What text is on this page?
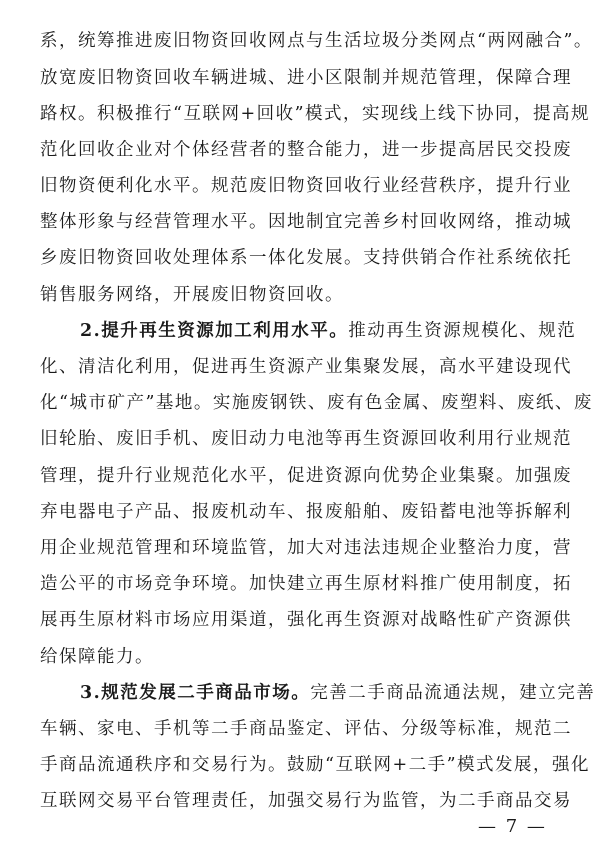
系，统筹推进废旧物资回收网点与生活垃圾分类网点“两网融合”。
放宽废旧物资回收车辆进城、进小区限制并规范管理，保障合理
路权。积极推行“互联网+回收”模式，实现线上线下协同，提高规
范化回收企业对个体经营者的整合能力，进一步提高居民交投废
旧物资便利化水平。规范废旧物资回收行业经营秩序，提升行业
整体形象与经营管理水平。因地制宜完善乡村回收网络，推动城
乡废旧物资回收处理体系一体化发展。支持供销合作社系统依托
销售服务网络，开展废旧物资回收。
2.提升再生资源加工利用水平。推动再生资源规模化、规范
化、清洁化利用，促进再生资源产业集聚发展，高水平建设现代
化“城市矿产”基地。实施废钢铁、废有色金属、废塑料、废纸、废
旧轮胎、废旧手机、废旧动力电池等再生资源回收利用行业规范
管理，提升行业规范化水平，促进资源向优势企业集聚。加强废
弃电器电子产品、报废机动车、报废船舶、废铅蓄电池等拆解利
用企业规范管理和环境监管，加大对违法违规企业整治力度，营
造公平的市场竞争环境。加快建立再生原材料推广使用制度，拓
展再生原材料市场应用渠道，强化再生资源对战略性矿产资源供
给保障能力。
3.规范发展二手商品市场。完善二手商品流通法规，建立完善
车辆、家电、手机等二手商品鉴定、评估、分级等标准，规范二
手商品流通秩序和交易行为。鼓励“互联网+二手”模式发展，强化
互联网交易平台管理责任，加强交易行为监管，为二手商品交易
— 7 —
